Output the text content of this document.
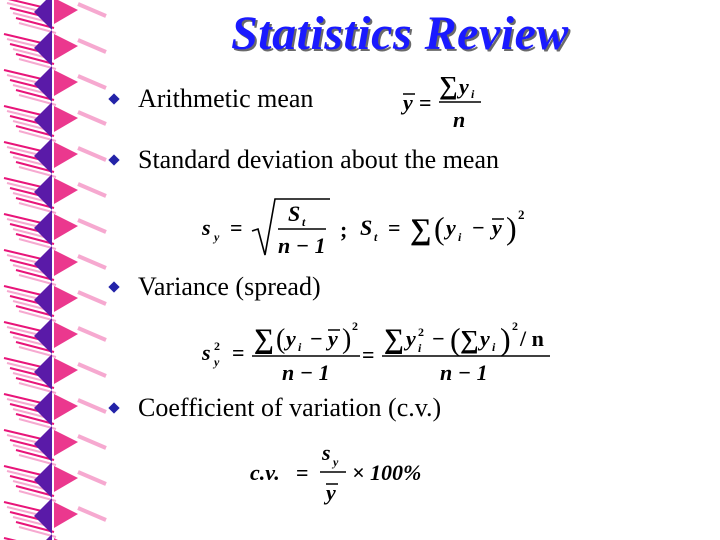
Statistics Review
Arithmetic mean
Standard deviation about the mean
Variance (spread)
Coefficient of variation (c.v.)
y =
∑ y i
n
s y =
S t
n − 1
; S t = ∑ ( y i − y ) 2
s 2
y = ∑ ( y i − y ) 2
n − 1
= ∑ y 2
i − ( ∑ y i ) 2 / n
n − 1
c.v. =
s y
y
× 100%
